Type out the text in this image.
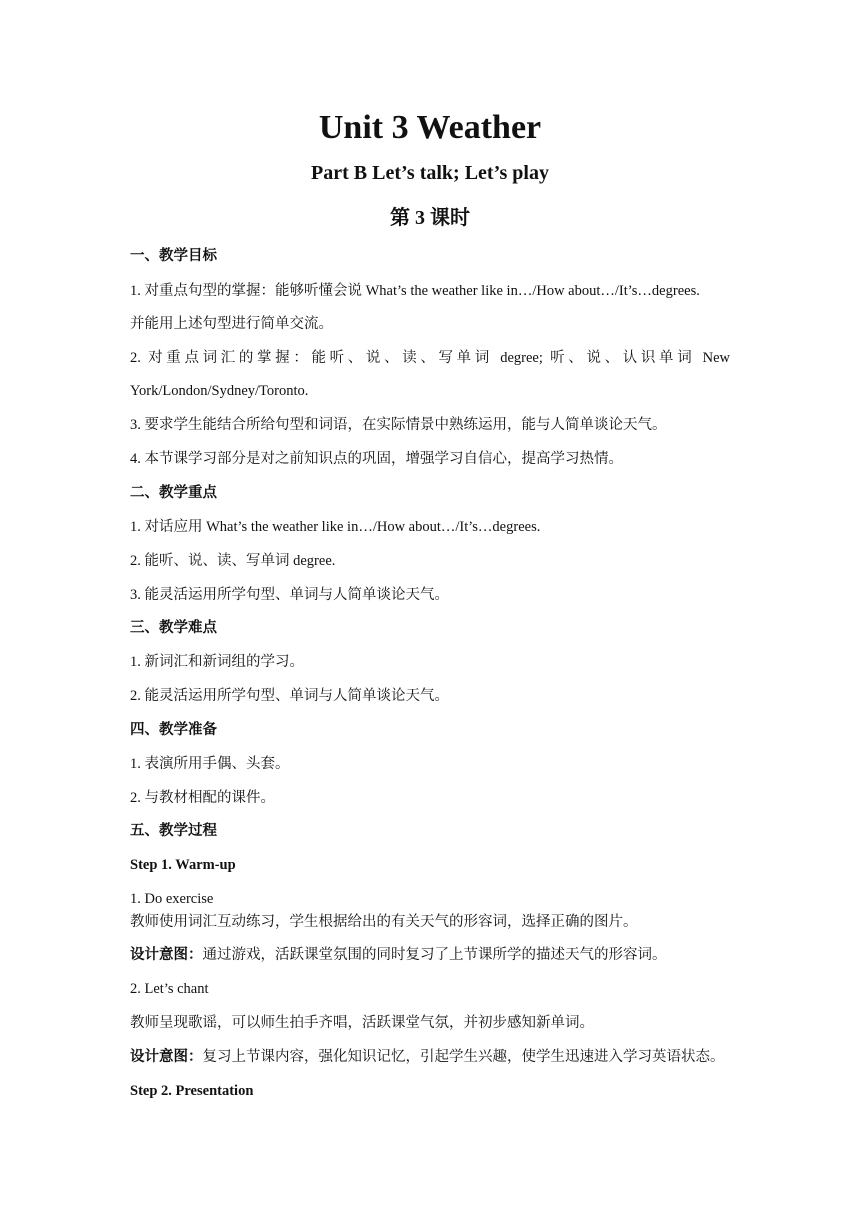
Unit 3 Weather
Part B Let’s talk; Let’s play
第 3 课时
一、教学目标
1. 对重点句型的掌握：能够听懂会说 What’s the weather like in…/How about…/It’s…degrees.
并能用上述句型进行简单交流。
2. 对重点词汇的掌握：能听、说、读、写单词 degree; 听、说、认识单词 New
York/London/Sydney/Toronto.
3. 要求学生能结合所给句型和词语，在实际情景中熟练运用，能与人简单谈论天气。
4. 本节课学习部分是对之前知识点的巩固，增强学习自信心，提高学习热情。
二、教学重点
1. 对话应用 What’s the weather like in…/How about…/It’s…degrees.
2. 能听、说、读、写单词 degree.
3. 能灵活运用所学句型、单词与人简单谈论天气。
三、教学难点
1. 新词汇和新词组的学习。
2. 能灵活运用所学句型、单词与人简单谈论天气。
四、教学准备
1. 表演所用手偶、头套。
2. 与教材相配的课件。
五、教学过程
Step 1. Warm-up
1. Do exercise
教师使用词汇互动练习，学生根据给出的有关天气的形容词，选择正确的图片。
设计意图：通过游戏，活跃课堂氛围的同时复习了上节课所学的描述天气的形容词。
2. Let’s chant
教师呈现歌谣，可以师生拍手齐唱，活跃课堂气氛，并初步感知新单词。
设计意图：复习上节课内容，强化知识记忆，引起学生兴趣，使学生迅速进入学习英语状态。
Step 2. Presentation
